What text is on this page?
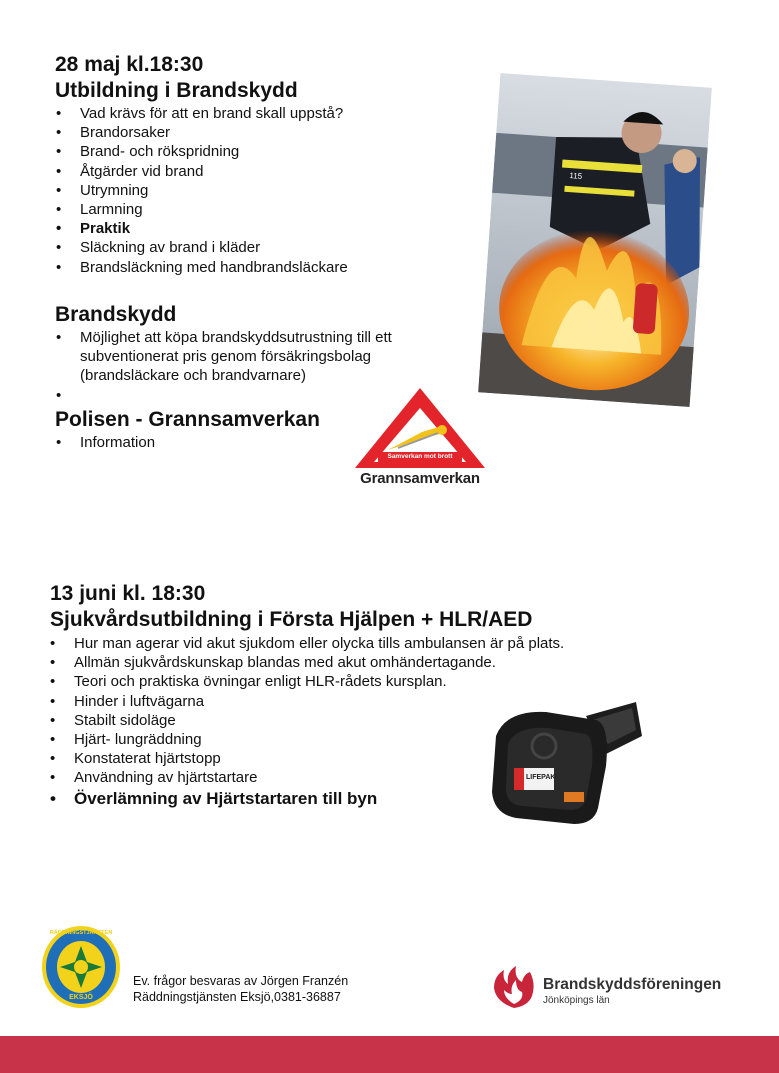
28 maj kl.18:30
Utbildning i Brandskydd
• Vad krävs för att en brand skall uppstå?
• Brandorsaker
• Brand- och rökspridning
• Åtgärder vid brand
• Utrymning
• Larmning
• Praktik
• Släckning av brand i kläder
• Brandsläckning med handbrandsläckare
Brandskydd
• Möjlighet att köpa brandskyddsutrustning till ett subventionerat pris genom försäkringsbolag (brandsläckare och brandvarnare)
•
Polisen - Grannsamverkan
• Information
Samverkan mot brott
Grannsamverkan
115
13 juni kl. 18:30
Sjukvårdsutbildning i Första Hjälpen + HLR/AED
• Hur man agerar vid akut sjukdom eller olycka tills ambulansen är på plats.
• Allmän sjukvårdskunskap blandas med akut omhändertagande.
• Teori och praktiska övningar enligt HLR-rådets kursplan.
• Hinder i luftvägarna
• Stabilt sidoläge
• Hjärt- lungräddning
• Konstaterat hjärtstopp
• Användning av hjärtstartare
• Överlämning av Hjärtstartaren till byn
LIFEPAK
RÄDDNINGSTJÄNSTEN
EKSJÖ
Ev. frågor besvaras av Jörgen Franzén
Räddningstjänsten Eksjö,0381-36887
Brandskyddsföreningen
Jönköpings län
